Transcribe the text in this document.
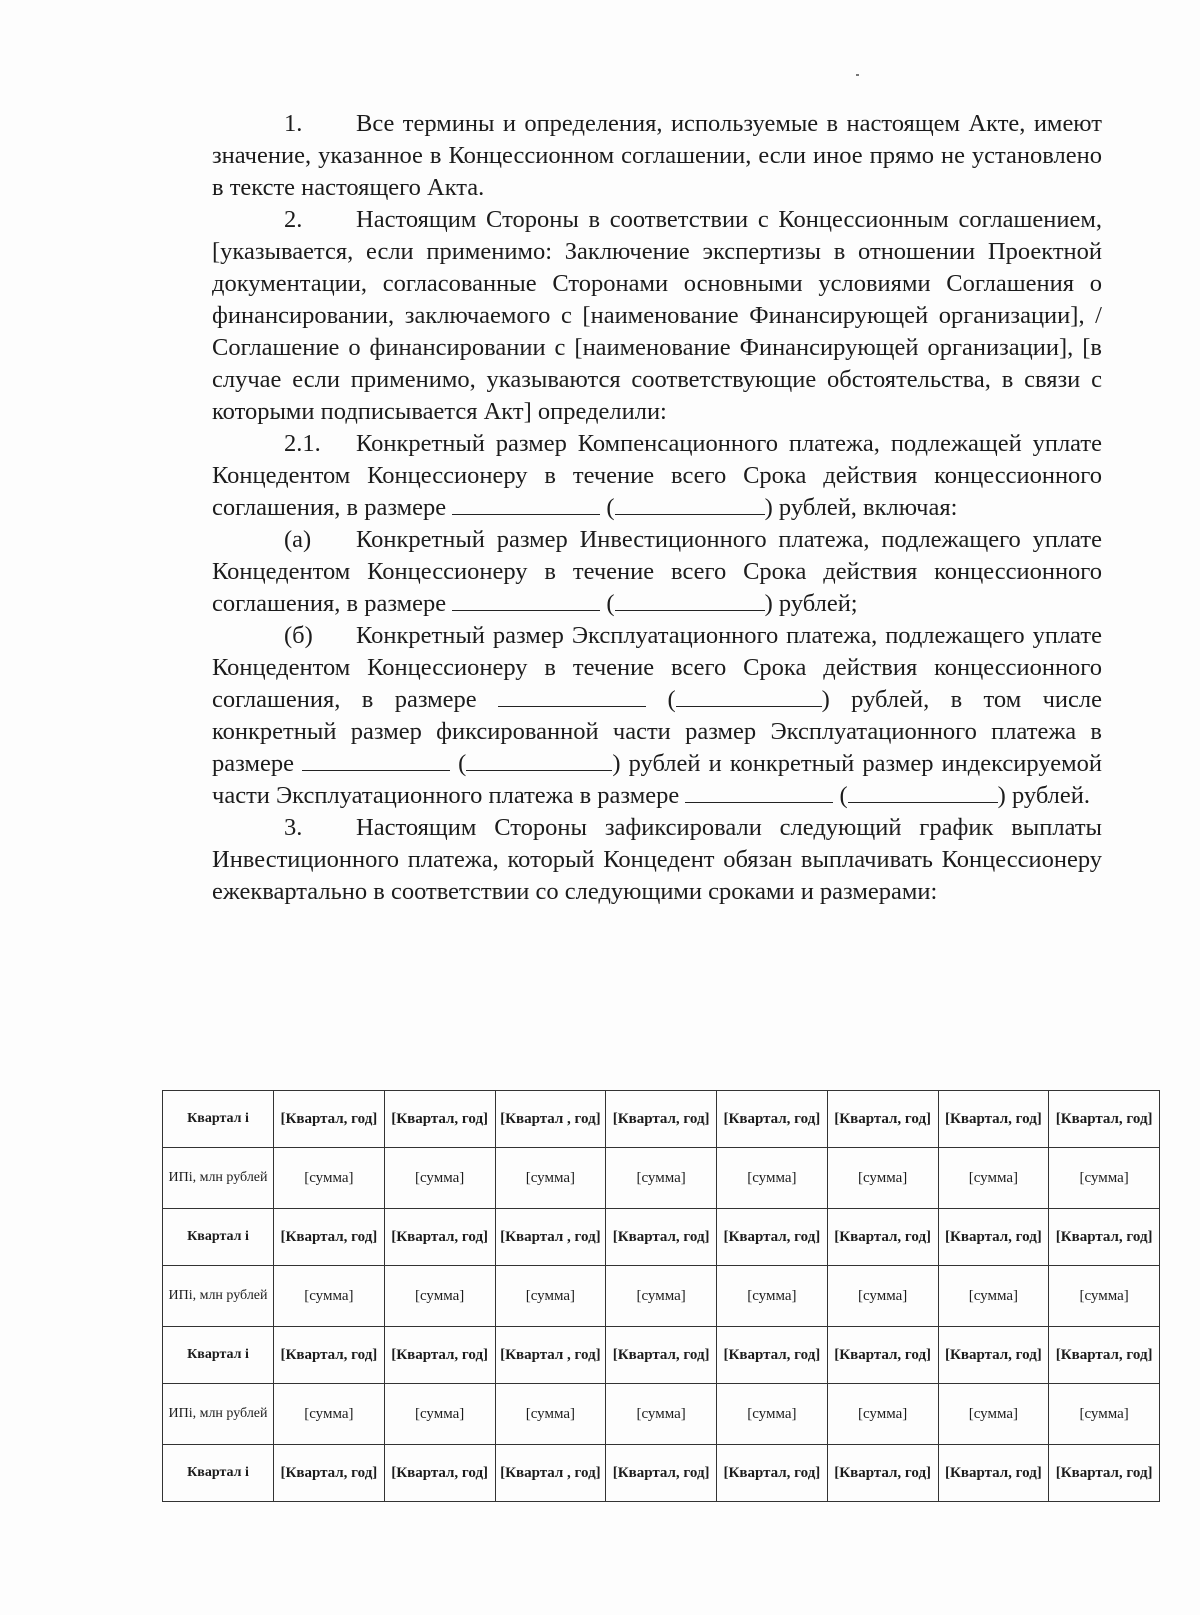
1. Все термины и определения, используемые в настоящем Акте, имеют значение, указанное в Концессионном соглашении, если иное прямо не установлено в тексте настоящего Акта.

2. Настоящим Стороны в соответствии с Концессионным соглашением, [указывается, если применимо: Заключение экспертизы в отношении Проектной документации, согласованные Сторонами основными условиями Соглашения о финансировании, заключаемого с [наименование Финансирующей организации], / Соглашение о финансировании с [наименование Финансирующей организации], [в случае если применимо, указываются соответствующие обстоятельства, в связи с которыми подписывается Акт] определили:

2.1. Конкретный размер Компенсационного платежа, подлежащей уплате Концедентом Концессионеру в течение всего Срока действия концессионного соглашения, в размере	(	) рублей, включая:

(а) Конкретный размер Инвестиционного платежа, подлежащего уплате Концедентом Концессионеру в течение всего Срока действия концессионного соглашения, в размере	(	) рублей;

(б) Конкретный размер Эксплуатационного платежа, подлежащего уплате Концедентом Концессионеру в течение всего Срока действия концессионного соглашения, в размере	(	) рублей, в том числе конкретный размер фиксированной части размер Эксплуатационного платежа в размере	(	) рублей и конкретный размер индексируемой части Эксплуатационного платежа в размере	(	) рублей.

3. Настоящим Стороны зафиксировали следующий график выплаты Инвестиционного платежа, который Концедент обязан выплачивать Концессионеру ежеквартально в соответствии со следующими сроками и размерами:

Квартал i	[Квартал, год]	[Квартал, год]	[Квартал , год]	[Квартал, год]	[Квартал, год]	[Квартал, год]	[Квартал, год]	[Квартал, год]
ИПi, млн рублей	[сумма]	[сумма]	[сумма]	[сумма]	[сумма]	[сумма]	[сумма]	[сумма]
Квартал i	[Квартал, год]	[Квартал, год]	[Квартал , год]	[Квартал, год]	[Квартал, год]	[Квартал, год]	[Квартал, год]	[Квартал, год]
ИПi, млн рублей	[сумма]	[сумма]	[сумма]	[сумма]	[сумма]	[сумма]	[сумма]	[сумма]
Квартал i	[Квартал, год]	[Квартал, год]	[Квартал , год]	[Квартал, год]	[Квартал, год]	[Квартал, год]	[Квартал, год]	[Квартал, год]
ИПi, млн рублей	[сумма]	[сумма]	[сумма]	[сумма]	[сумма]	[сумма]	[сумма]	[сумма]
Квартал i	[Квартал, год]	[Квартал, год]	[Квартал , год]	[Квартал, год]	[Квартал, год]	[Квартал, год]	[Квартал, год]	[Квартал, год]
